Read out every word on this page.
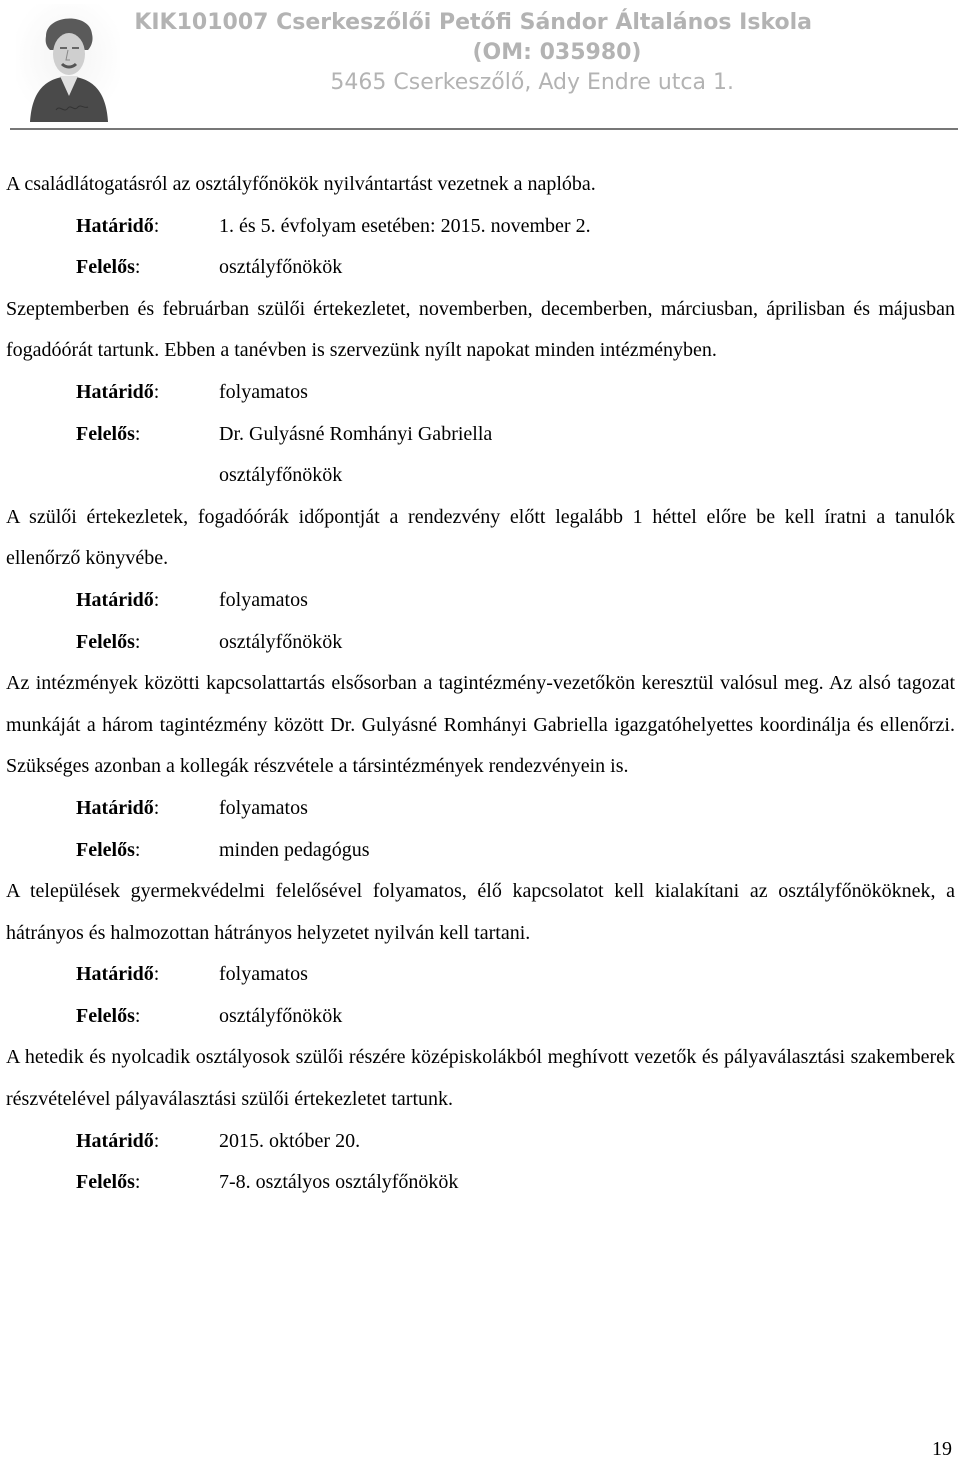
KIK101007 Cserkeszőlői Petőfi Sándor Általános Iskola
(OM: 035980)
5465 Cserkeszőlő, Ady Endre utca 1.

A családlátogatásról az osztályfőnökök nyilvántartást vezetnek a naplóba.

Határidő:	1. és 5. évfolyam esetében: 2015. november 2.

Felelős:	osztályfőnökök

Szeptemberben és februárban szülői értekezletet, novemberben, decemberben, márciusban, áprilisban és májusban fogadóórát tartunk. Ebben a tanévben is szervezünk nyílt napokat minden intézményben.

Határidő:	folyamatos

Felelős:	Dr. Gulyásné Romhányi Gabriella

osztályfőnökök

A szülői értekezletek, fogadóórák időpontját a rendezvény előtt legalább 1 héttel előre be kell íratni a tanulók ellenőrző könyvébe.

Határidő:	folyamatos

Felelős:	osztályfőnökök

Az intézmények közötti kapcsolattartás elsősorban a tagintézmény-vezetőkön keresztül valósul meg. Az alsó tagozat munkáját a három tagintézmény között Dr. Gulyásné Romhányi Gabriella igazgatóhelyettes koordinálja és ellenőrzi. Szükséges azonban a kollegák részvétele a társintézmények rendezvényein is.

Határidő:	folyamatos

Felelős:	minden pedagógus

A települések gyermekvédelmi felelősével folyamatos, élő kapcsolatot kell kialakítani az osztályfőnököknek, a hátrányos és halmozottan hátrányos helyzetet nyilván kell tartani.

Határidő:	folyamatos

Felelős:	osztályfőnökök

A hetedik és nyolcadik osztályosok szülői részére középiskolákból meghívott vezetők és pályaválasztási szakemberek részvételével pályaválasztási szülői értekezletet tartunk.

Határidő:	2015. október 20.

Felelős:	7-8. osztályos osztályfőnökök

19
